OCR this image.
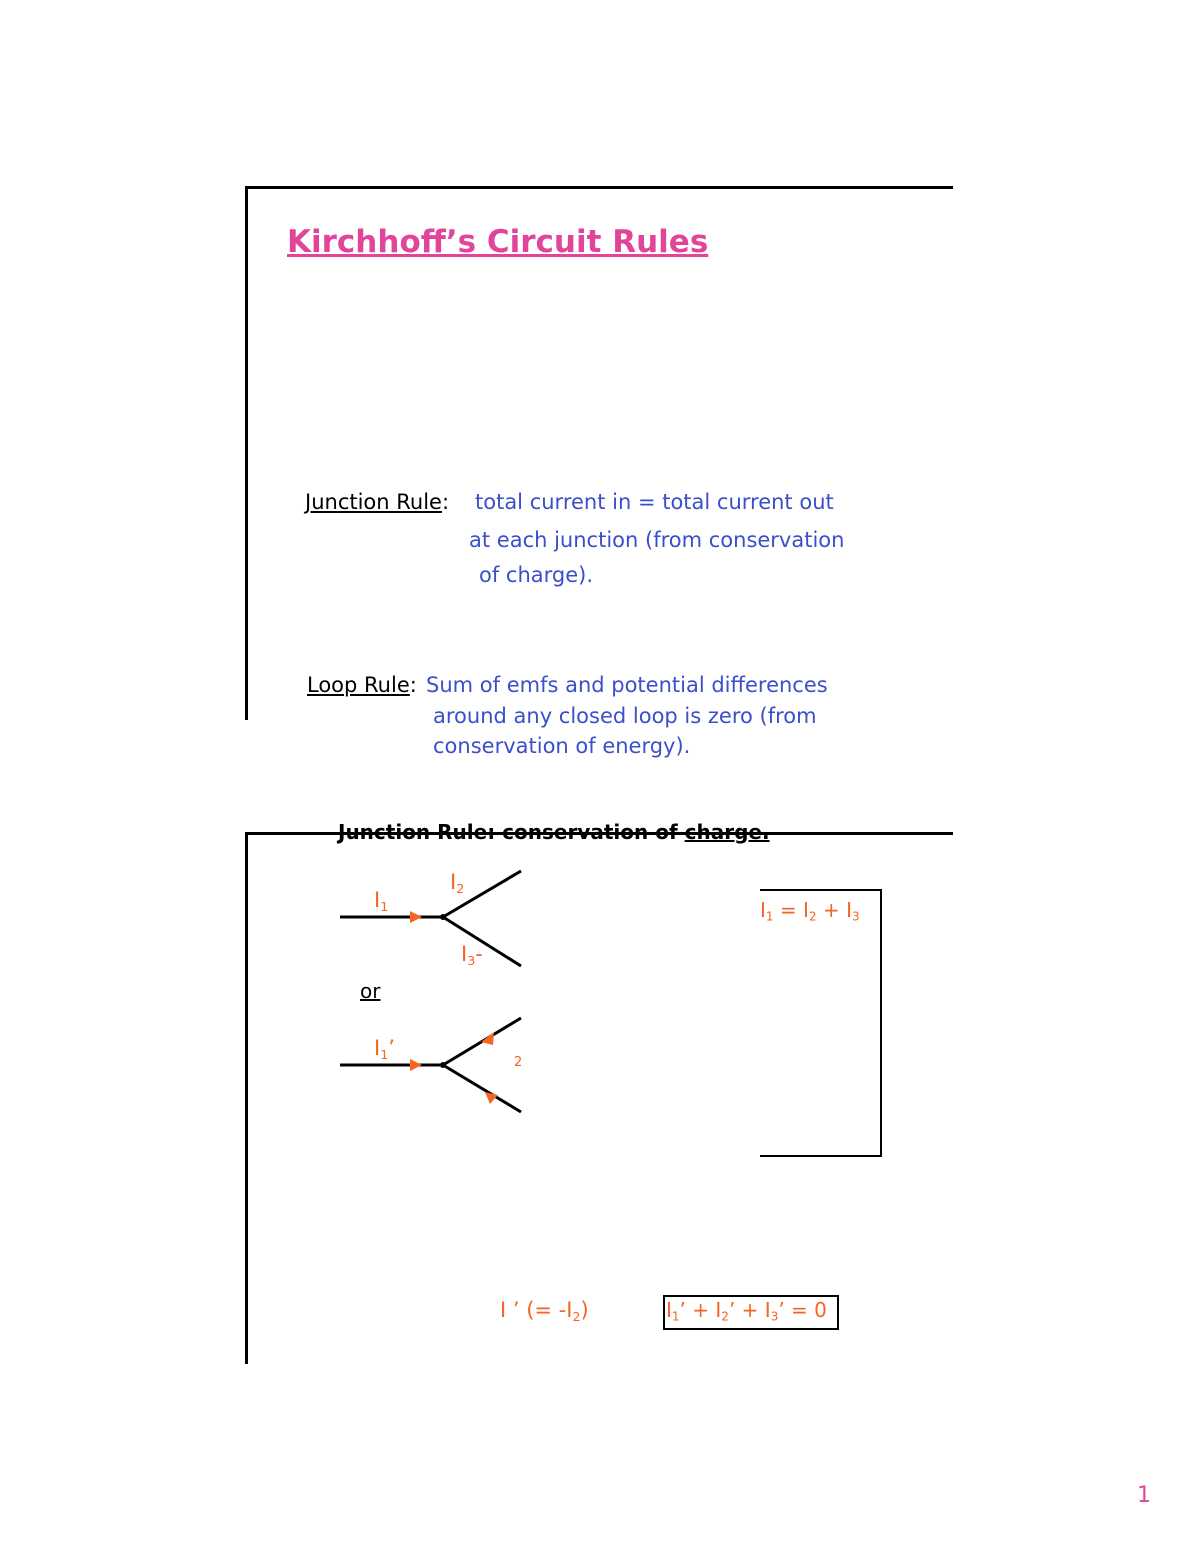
Kirchhoff’s Circuit Rules
Junction Rule: total current in = total current out
at each junction (from conservation
of charge).
Loop Rule: Sum of emfs and potential differences
around any closed loop is zero (from
conservation of energy).
Junction Rule: conservation of charge.
$I_1$
$I_2$
$I_3-$
or
$I_1$’
2
$I_1 = I_2 + I_3$
I ’ (= $-I_2$)	$I_1$’ + $I_2$’ + $I_3$’ = 0
1
